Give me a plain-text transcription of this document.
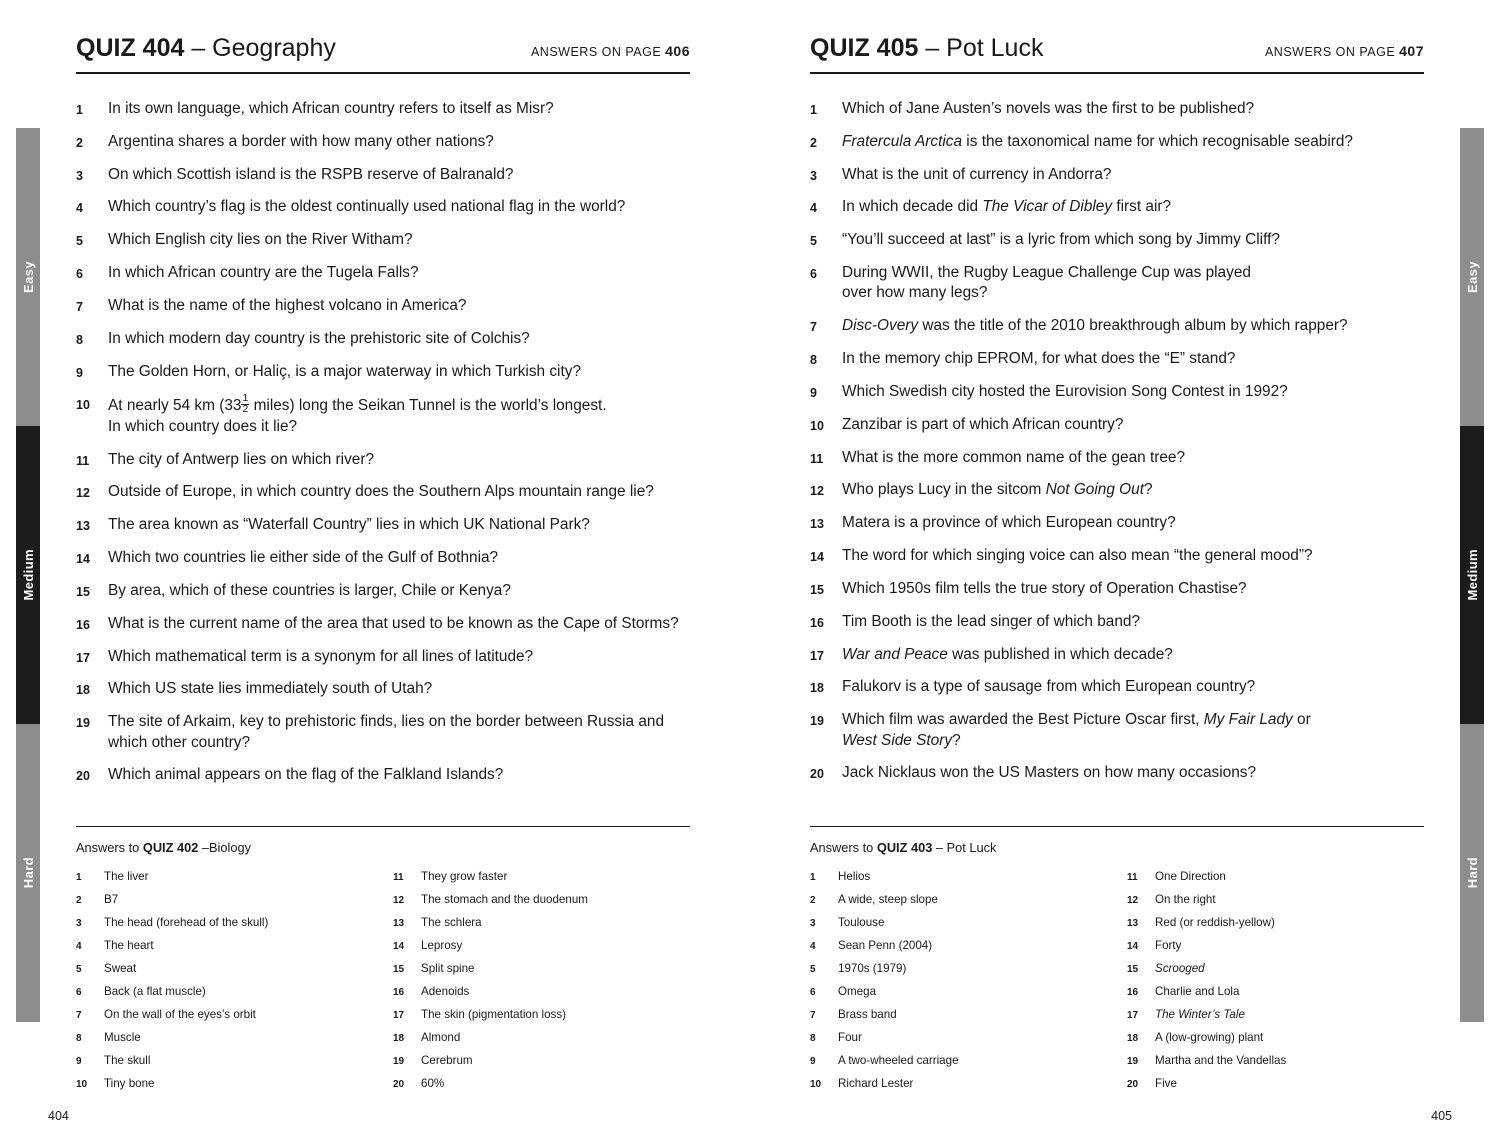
Easy
Medium
Hard
Easy
Medium
Hard
QUIZ 404 – Geography	ANSWERS ON PAGE 406
1	In its own language, which African country refers to itself as Misr?
2	Argentina shares a border with how many other nations?
3	On which Scottish island is the RSPB reserve of Balranald?
4	Which country’s flag is the oldest continually used national flag in the world?
5	Which English city lies on the River Witham?
6	In which African country are the Tugela Falls?
7	What is the name of the highest volcano in America?
8	In which modern day country is the prehistoric site of Colchis?
9	The Golden Horn, or Haliç, is a major waterway in which Turkish city?
10	At nearly 54 km ($33 \frac{1}{2}$ miles) long the Seikan Tunnel is the world’s longest.
In which country does it lie?
11	The city of Antwerp lies on which river?
12	Outside of Europe, in which country does the Southern Alps mountain range lie?
13	The area known as “Waterfall Country” lies in which UK National Park?
14	Which two countries lie either side of the Gulf of Bothnia?
15	By area, which of these countries is larger, Chile or Kenya?
16	What is the current name of the area that used to be known as the Cape of Storms?
17	Which mathematical term is a synonym for all lines of latitude?
18	Which US state lies immediately south of Utah?
19	The site of Arkaim, key to prehistoric finds, lies on the border between Russia and
which other country?
20	Which animal appears on the flag of the Falkland Islands?
Answers to QUIZ 402 –Biology
1	The liver
2	B7
3	The head (forehead of the skull)
4	The heart
5	Sweat
6	Back (a flat muscle)
7	On the wall of the eyes’s orbit
8	Muscle
9	The skull
10	Tiny bone
11	They grow faster
12	The stomach and the duodenum
13	The schlera
14	Leprosy
15	Split spine
16	Adenoids
17	The skin (pigmentation loss)
18	Almond
19	Cerebrum
20	60%
404
QUIZ 405 – Pot Luck	ANSWERS ON PAGE 407
1	Which of Jane Austen’s novels was the first to be published?
2	Fratercula Arctica is the taxonomical name for which recognisable seabird?
3	What is the unit of currency in Andorra?
4	In which decade did The Vicar of Dibley first air?
5	“You’ll succeed at last” is a lyric from which song by Jimmy Cliff?
6	During WWII, the Rugby League Challenge Cup was played
over how many legs?
7	Disc-Overy was the title of the 2010 breakthrough album by which rapper?
8	In the memory chip EPROM, for what does the “E” stand?
9	Which Swedish city hosted the Eurovision Song Contest in 1992?
10	Zanzibar is part of which African country?
11	What is the more common name of the gean tree?
12	Who plays Lucy in the sitcom Not Going Out?
13	Matera is a province of which European country?
14	The word for which singing voice can also mean “the general mood”?
15	Which 1950s film tells the true story of Operation Chastise?
16	Tim Booth is the lead singer of which band?
17	War and Peace was published in which decade?
18	Falukorv is a type of sausage from which European country?
19	Which film was awarded the Best Picture Oscar first, My Fair Lady or
West Side Story?
20	Jack Nicklaus won the US Masters on how many occasions?
Answers to QUIZ 403 – Pot Luck
1	Helios
2	A wide, steep slope
3	Toulouse
4	Sean Penn (2004)
5	1970s (1979)
6	Omega
7	Brass band
8	Four
9	A two-wheeled carriage
10	Richard Lester
11	One Direction
12	On the right
13	Red (or reddish-yellow)
14	Forty
15	Scrooged
16	Charlie and Lola
17	The Winter’s Tale
18	A (low-growing) plant
19	Martha and the Vandellas
20	Five
405
